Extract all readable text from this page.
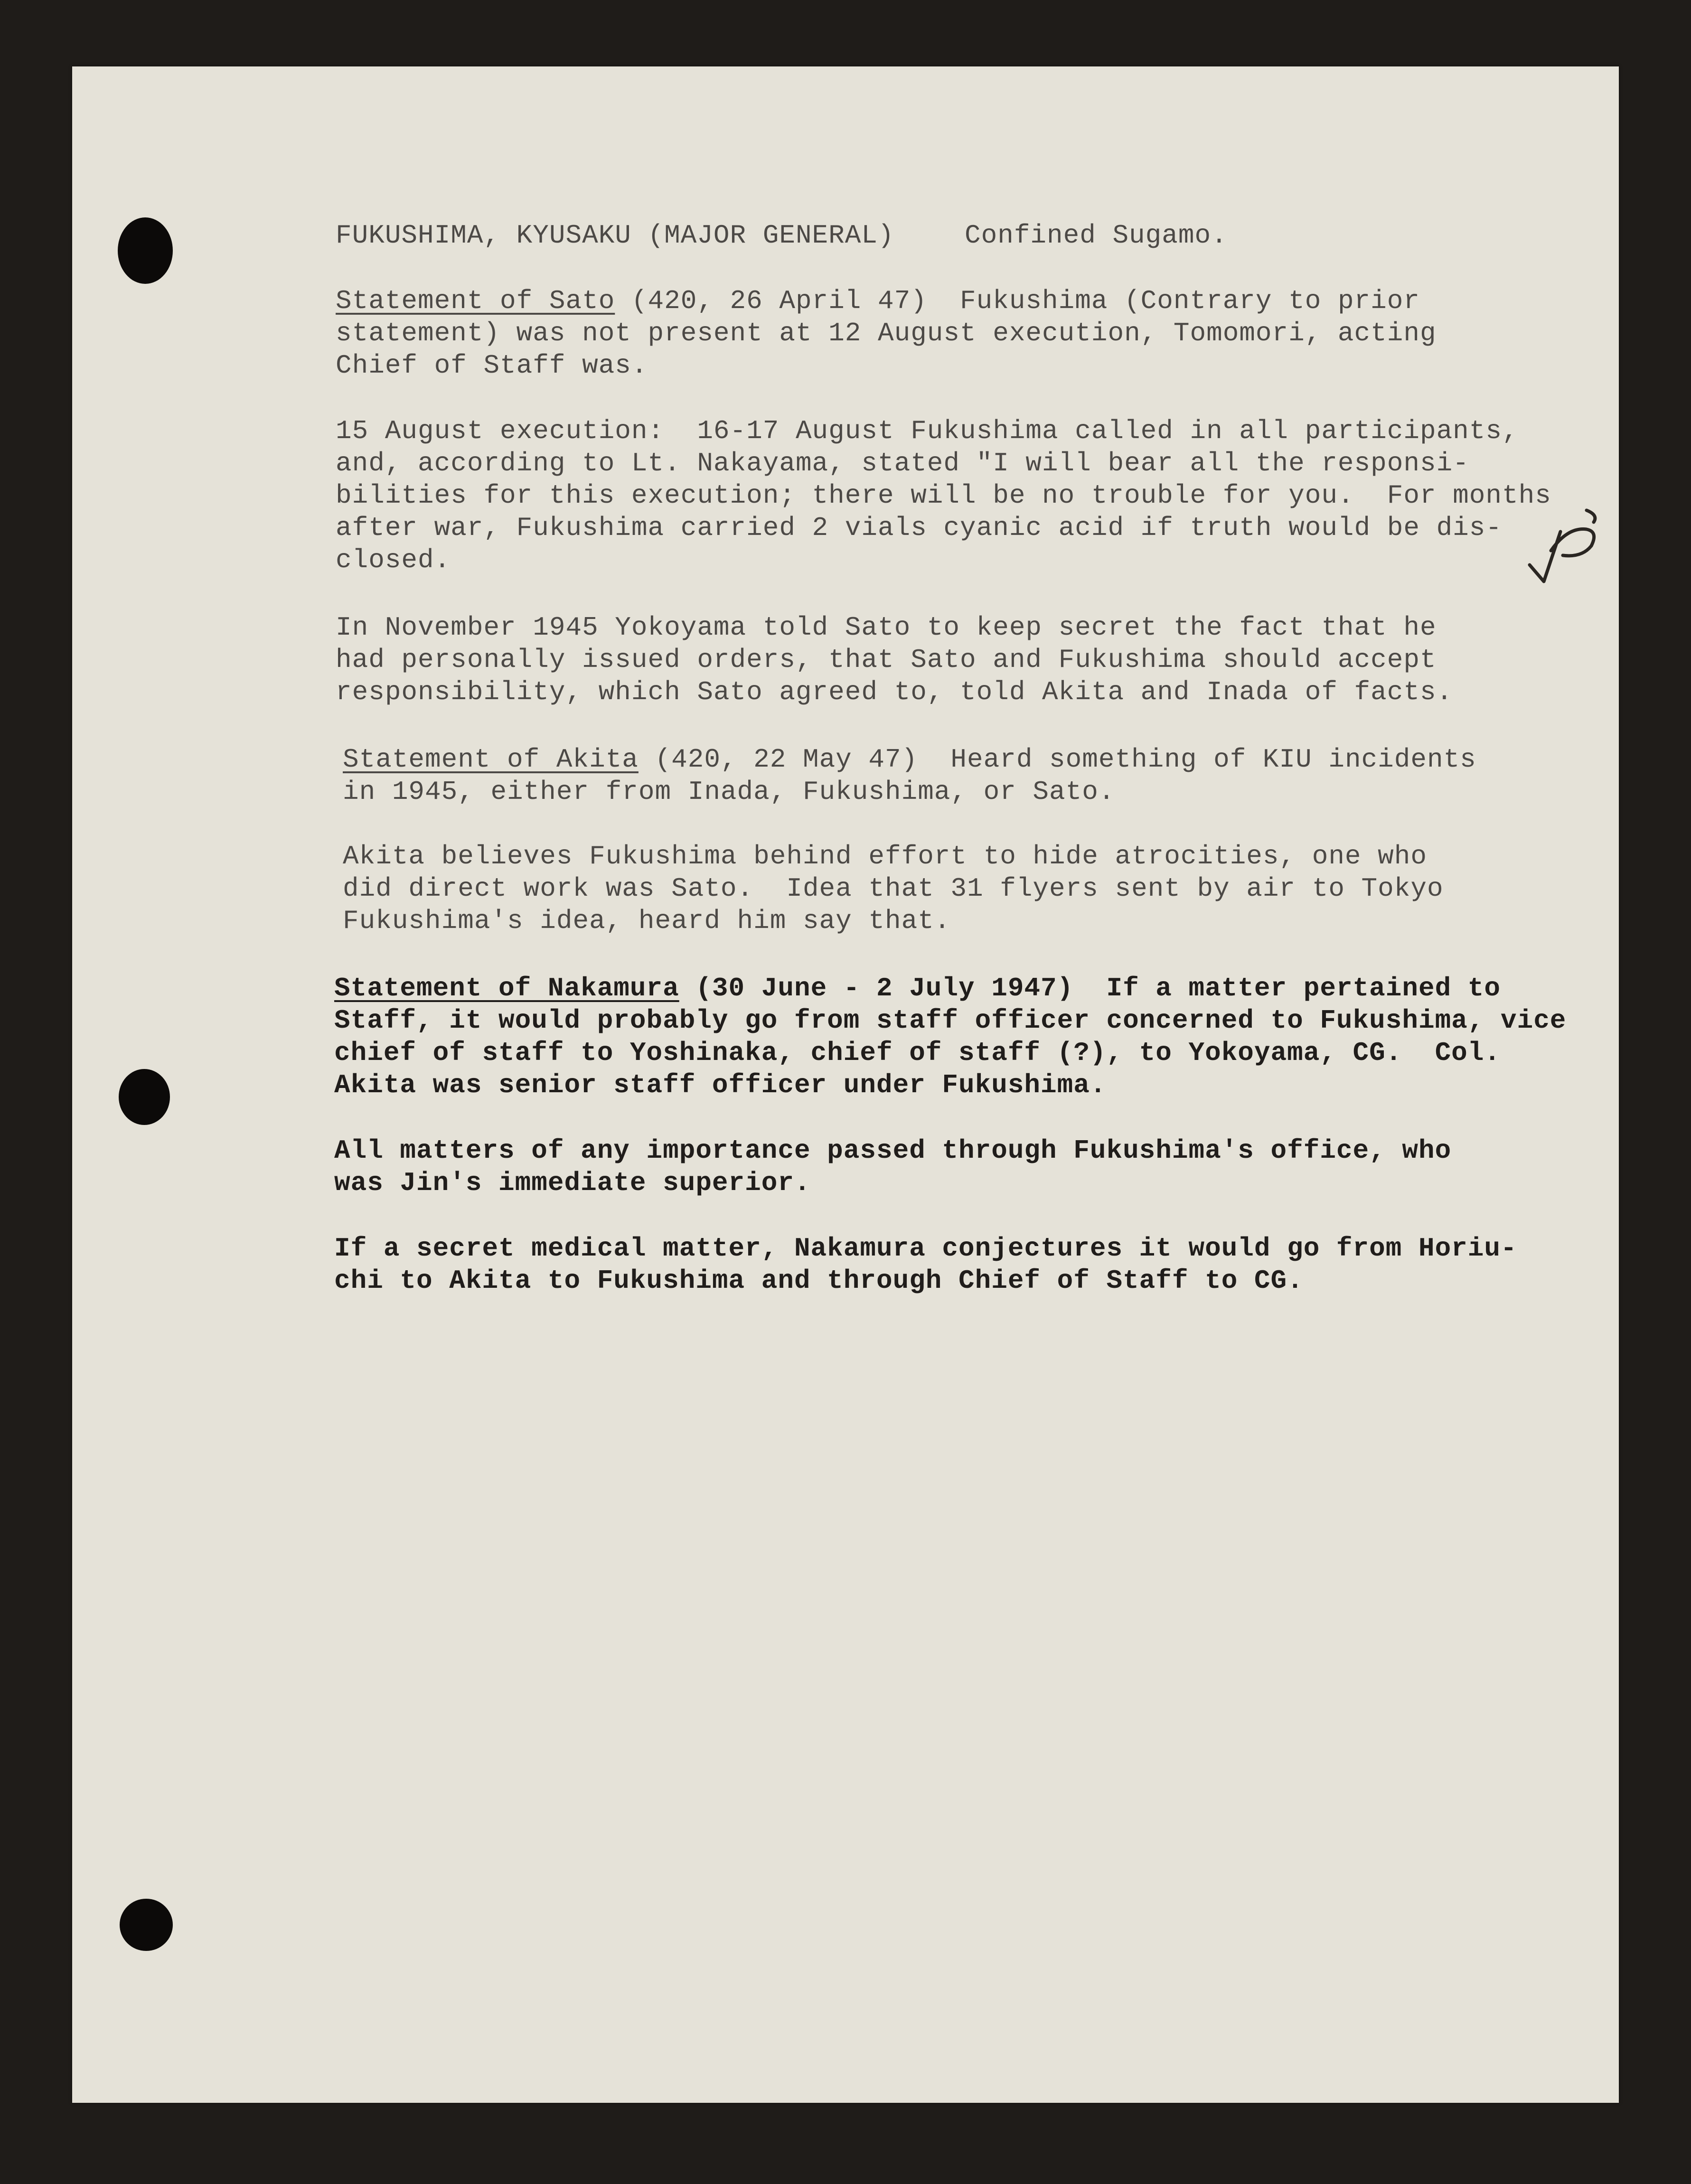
FUKUSHIMA, KYUSAKU (MAJOR GENERAL)	Confined Sugamo.
Statement of Sato (420, 26 April 47)  Fukushima (Contrary to prior
statement) was not present at 12 August execution, Tomomori, acting
Chief of Staff was.
15 August execution:  16-17 August Fukushima called in all participants,
and, according to Lt. Nakayama, stated "I will bear all the responsi-
bilities for this execution; there will be no trouble for you.  For months
after war, Fukushima carried 2 vials cyanic acid if truth would be dis-
closed.
In November 1945 Yokoyama told Sato to keep secret the fact that he
had personally issued orders, that Sato and Fukushima should accept
responsibility, which Sato agreed to, told Akita and Inada of facts.
Statement of Akita (420, 22 May 47)  Heard something of KIU incidents
in 1945, either from Inada, Fukushima, or Sato.
Akita believes Fukushima behind effort to hide atrocities, one who
did direct work was Sato.  Idea that 31 flyers sent by air to Tokyo
Fukushima's idea, heard him say that.
Statement of Nakamura (30 June - 2 July 1947)  If a matter pertained to
Staff, it would probably go from staff officer concerned to Fukushima, vice
chief of staff to Yoshinaka, chief of staff (?), to Yokoyama, CG.  Col.
Akita was senior staff officer under Fukushima.
All matters of any importance passed through Fukushima's office, who
was Jin's immediate superior.
If a secret medical matter, Nakamura conjectures it would go from Horiu-
chi to Akita to Fukushima and through Chief of Staff to CG.
